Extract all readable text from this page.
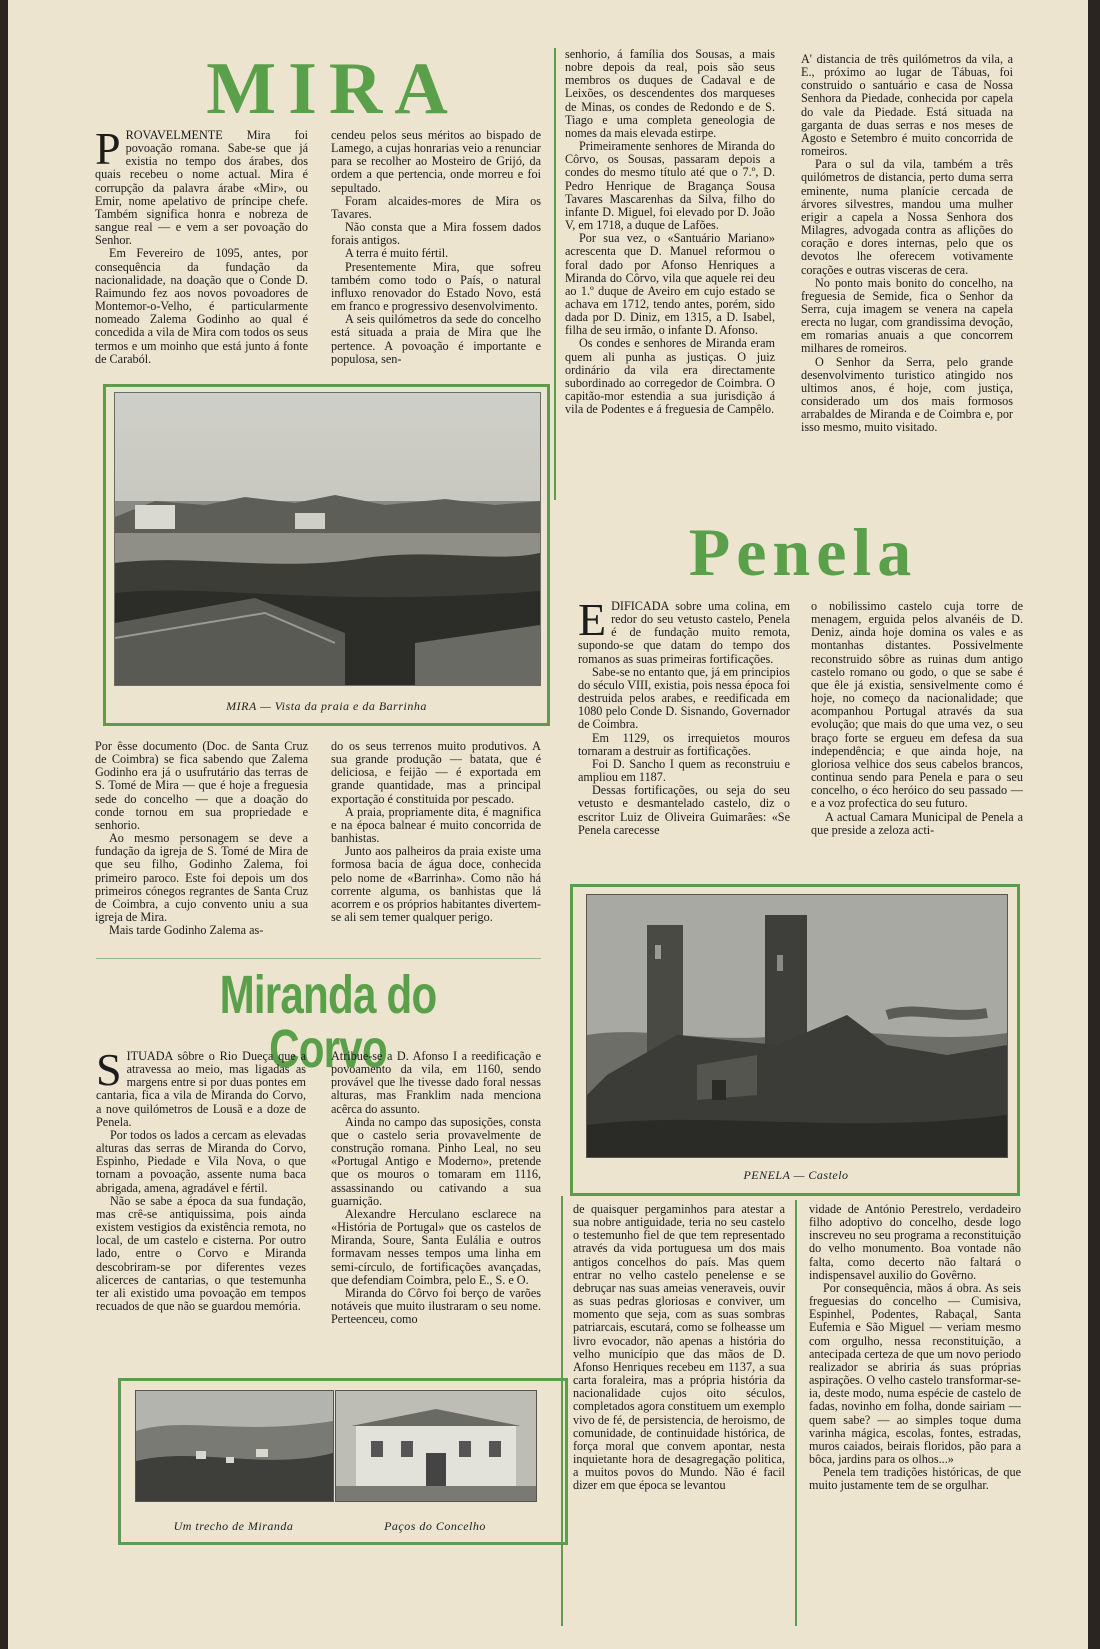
MIRA

PROVAVELMENTE Mira foi povoação romana. Sabe-se que já existia no tempo dos árabes, dos quais recebeu o nome actual. Mira é corrupção da palavra árabe «Mir», ou Emir, nome apelativo de príncipe chefe. Também significa honra e nobreza de sangue real — e vem a ser povoação do Senhor.

Em Fevereiro de 1095, antes, por consequência da fundação da nacionalidade, na doação que o Conde D. Raimundo fez aos novos povoadores de Montemor-o-Velho, é particularmente nomeado Zalema Godinho ao qual é concedida a vila de Mira com todos os seus termos e um moinho que está junto á fonte de Caraból.

cendeu pelos seus méritos ao bispado de Lamego, a cujas honrarias veio a renunciar para se recolher ao Mosteiro de Grijó, da ordem a que pertencia, onde morreu e foi sepultado.

Foram alcaides-mores de Mira os Tavares.

Não consta que a Mira fossem dados forais antigos.

A terra é muito fértil.

Presentemente Mira, que sofreu também como todo o País, o natural influxo renovador do Estado Novo, está em franco e progressivo desenvolvimento.

A seis quilómetros da sede do concelho está situada a praia de Mira que lhe pertence. A povoação é importante e populosa, sen-

senhorio, á família dos Sousas, a mais nobre depois da real, pois são seus membros os duques de Cadaval e de Leixões, os descendentes dos marqueses de Minas, os condes de Redondo e de S. Tiago e uma completa geneologia de nomes da mais elevada estirpe.

Primeiramente senhores de Miranda do Côrvo, os Sousas, passaram depois a condes do mesmo título até que o 7.º, D. Pedro Henrique de Bragança Sousa Tavares Mascarenhas da Silva, filho do infante D. Miguel, foi elevado por D. João V, em 1718, a duque de Lafões.

Por sua vez, o «Santuário Mariano» acrescenta que D. Manuel reformou o foral dado por Afonso Henriques a Miranda do Côrvo, vila que aquele rei deu ao 1.º duque de Aveiro em cujo estado se achava em 1712, tendo antes, porém, sido dada por D. Diniz, em 1315, a D. Isabel, filha de seu irmão, o infante D. Afonso.

Os condes e senhores de Miranda eram quem ali punha as justiças. O juiz ordinário da vila era directamente subordinado ao corregedor de Coimbra. O capitão-mor estendia a sua jurisdição á vila de Podentes e á freguesia de Campêlo.

A' distancia de três quilómetros da vila, a E., próximo ao lugar de Tábuas, foi construido o santuário e casa de Nossa Senhora da Piedade, conhecida por capela do vale da Piedade. Está situada na garganta de duas serras e nos meses de Agosto e Setembro é muito concorrida de romeiros.

Para o sul da vila, também a três quilómetros de distancia, perto duma serra eminente, numa planície cercada de árvores silvestres, mandou uma mulher erigir a capela a Nossa Senhora dos Milagres, advogada contra as aflições do coração e dores internas, pelo que os devotos lhe oferecem votivamente corações e outras visceras de cera.

No ponto mais bonito do concelho, na freguesia de Semide, fica o Senhor da Serra, cuja imagem se venera na capela erecta no lugar, com grandissima devoção, em romarias anuais a que concorrem milhares de romeiros.

O Senhor da Serra, pelo grande desenvolvimento turistico atingido nos ultimos anos, é hoje, com justiça, considerado um dos mais formosos arrabaldes de Miranda e de Coimbra e, por isso mesmo, muito visitado.

MIRA — Vista da praia e da Barrinha

Por êsse documento (Doc. de Santa Cruz de Coimbra) se fica sabendo que Zalema Godinho era já o usufrutário das terras de S. Tomé de Mira — que é hoje a freguesia sede do concelho — que a doação do conde tornou em sua propriedade e senhorio.

Ao mesmo personagem se deve a fundação da igreja de S. Tomé de Mira de que seu filho, Godinho Zalema, foi primeiro paroco. Este foi depois um dos primeiros cónegos regrantes de Santa Cruz de Coimbra, a cujo convento uniu a sua igreja de Mira.

Mais tarde Godinho Zalema as-

do os seus terrenos muito produtivos. A sua grande produção — batata, que é deliciosa, e feijão — é exportada em grande quantidade, mas a principal exportação é constituida por pescado.

A praia, propriamente dita, é magnifica e na época balnear é muito concorrida de banhistas.

Junto aos palheiros da praia existe uma formosa bacia de água doce, conhecida pelo nome de «Barrinha». Como não há corrente alguma, os banhistas que lá acorrem e os próprios habitantes divertem-se ali sem temer qualquer perigo.

Penela

EDIFICADA sobre uma colina, em redor do seu vetusto castelo, Penela é de fundação muito remota, supondo-se que datam do tempo dos romanos as suas primeiras fortificações.

Sabe-se no entanto que, já em principios do século VIII, existia, pois nessa época foi destruida pelos arabes, e reedificada em 1080 pelo Conde D. Sisnando, Governador de Coimbra.

Em 1129, os irrequietos mouros tornaram a destruir as fortificações.

Foi D. Sancho I quem as reconstruiu e ampliou em 1187.

Dessas fortificações, ou seja do seu vetusto e desmantelado castelo, diz o escritor Luiz de Oliveira Guimarães: «Se Penela carecesse

o nobilissimo castelo cuja torre de menagem, erguida pelos alvanéis de D. Deniz, ainda hoje domina os vales e as montanhas distantes. Possivelmente reconstruido sôbre as ruinas dum antigo castelo romano ou godo, o que se sabe é que êle já existia, sensivelmente como é hoje, no começo da nacionalidade; que acompanhou Portugal através da sua evolução; que mais do que uma vez, o seu braço forte se ergueu em defesa da sua independência; e que ainda hoje, na gloriosa velhice dos seus cabelos brancos, continua sendo para Penela e para o seu concelho, o éco heróico do seu passado — e a voz profectica do seu futuro.

A actual Camara Municipal de Penela a que preside a zeloza acti-

PENELA — Castelo

de quaisquer pergaminhos para atestar a sua nobre antiguidade, teria no seu castelo o testemunho fiel de que tem representado através da vida portuguesa um dos mais antigos concelhos do país. Mas quem entrar no velho castelo penelense e se debruçar nas suas ameias veneraveis, ouvir as suas pedras gloriosas e conviver, um momento que seja, com as suas sombras patriarcais, escutará, como se folheasse um livro evocador, não apenas a história do velho município que das mãos de D. Afonso Henriques recebeu em 1137, a sua carta foraleira, mas a própria história da nacionalidade cujos oito séculos, completados agora constituem um exemplo vivo de fé, de persistencia, de heroismo, de comunidade, de continuidade histórica, de força moral que convem apontar, nesta inquietante hora de desagregação politica, a muitos povos do Mundo. Não é facil dizer em que época se levantou

vidade de António Perestrelo, verdadeiro filho adoptivo do concelho, desde logo inscreveu no seu programa a reconstituição do velho monumento. Boa vontade não falta, como decerto não faltará o indispensavel auxilio do Govêrno.

Por consequência, mãos á obra. As seis freguesias do concelho — Cumisiva, Espinhel, Podentes, Rabaçal, Santa Eufemia e São Miguel — veriam mesmo com orgulho, nessa reconstituição, a antecipada certeza de que um novo periodo realizador se abriria ás suas próprias aspirações. O velho castelo transformar-se-ia, deste modo, numa espécie de castelo de fadas, novinho em folha, donde sairiam — quem sabe? — ao simples toque duma varinha mágica, escolas, fontes, estradas, muros caiados, beirais floridos, pão para a bôca, jardins para os olhos...»

Penela tem tradições históricas, de que muito justamente tem de se orgulhar.

Miranda do Corvo

SITUADA sôbre o Rio Dueça que a atravessa ao meio, mas ligadas as margens entre si por duas pontes em cantaria, fica a vila de Miranda do Corvo, a nove quilómetros de Lousã e a doze de Penela.

Por todos os lados a cercam as elevadas alturas das serras de Miranda do Corvo, Espinho, Piedade e Vila Nova, o que tornam a povoação, assente numa baca abrigada, amena, agradável e fértil.

Não se sabe a época da sua fundação, mas crê-se antiquissima, pois ainda existem vestigios da existência remota, no local, de um castelo e cisterna. Por outro lado, entre o Corvo e Miranda descobriram-se por diferentes vezes alicerces de cantarias, o que testemunha ter ali existido uma povoação em tempos recuados de que não se guardou memória.

Atribue-se a D. Afonso I a reedificação e povoamento da vila, em 1160, sendo provável que lhe tivesse dado foral nessas alturas, mas Franklim nada menciona acêrca do assunto.

Ainda no campo das suposições, consta que o castelo seria provavelmente de construção romana. Pinho Leal, no seu «Portugal Antigo e Moderno», pretende que os mouros o tomaram em 1116, assassinando ou cativando a sua guarnição.

Alexandre Herculano esclarece na «História de Portugal» que os castelos de Miranda, Soure, Santa Eulália e outros formavam nesses tempos uma linha em semi-círculo, de fortificações avançadas, que defendiam Coimbra, pelo E., S. e O.

Miranda do Côrvo foi berço de varões notáveis que muito ilustraram o seu nome. Perteenceu, como

Um trecho de Miranda	Paços do Concelho
